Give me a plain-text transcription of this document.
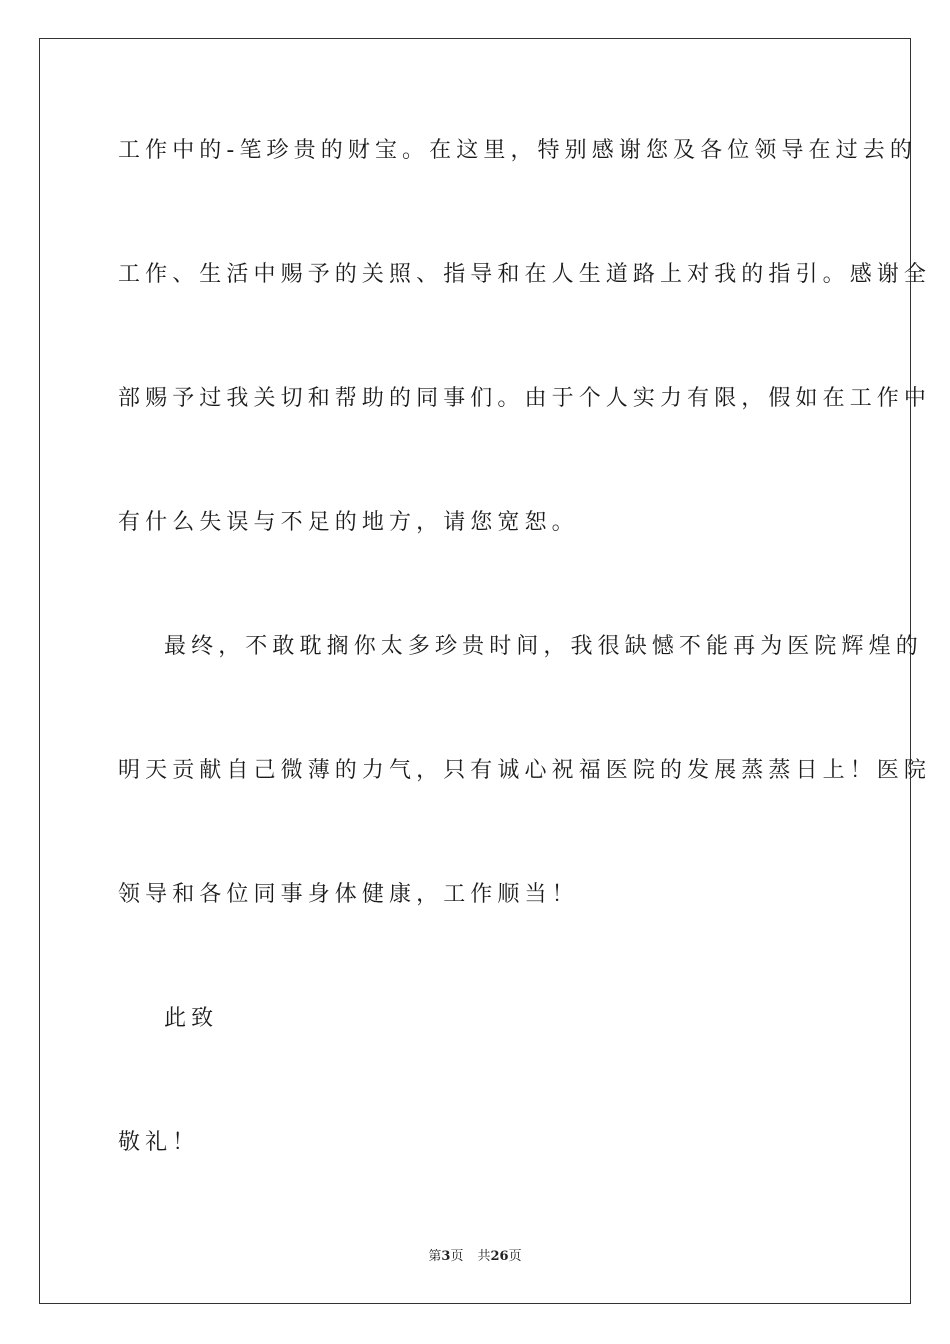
工作中的-笔珍贵的财宝。在这里，特别感谢您及各位领导在过去的
工作、生活中赐予的关照、指导和在人生道路上对我的指引。感谢全
部赐予过我关切和帮助的同事们。由于个人实力有限，假如在工作中
有什么失误与不足的地方，请您宽恕。
最终，不敢耽搁你太多珍贵时间，我很缺憾不能再为医院辉煌的
明天贡献自己微薄的力气，只有诚心祝福医院的发展蒸蒸日上！医院
领导和各位同事身体健康，工作顺当！
此致
敬礼！
第3页 共26页
